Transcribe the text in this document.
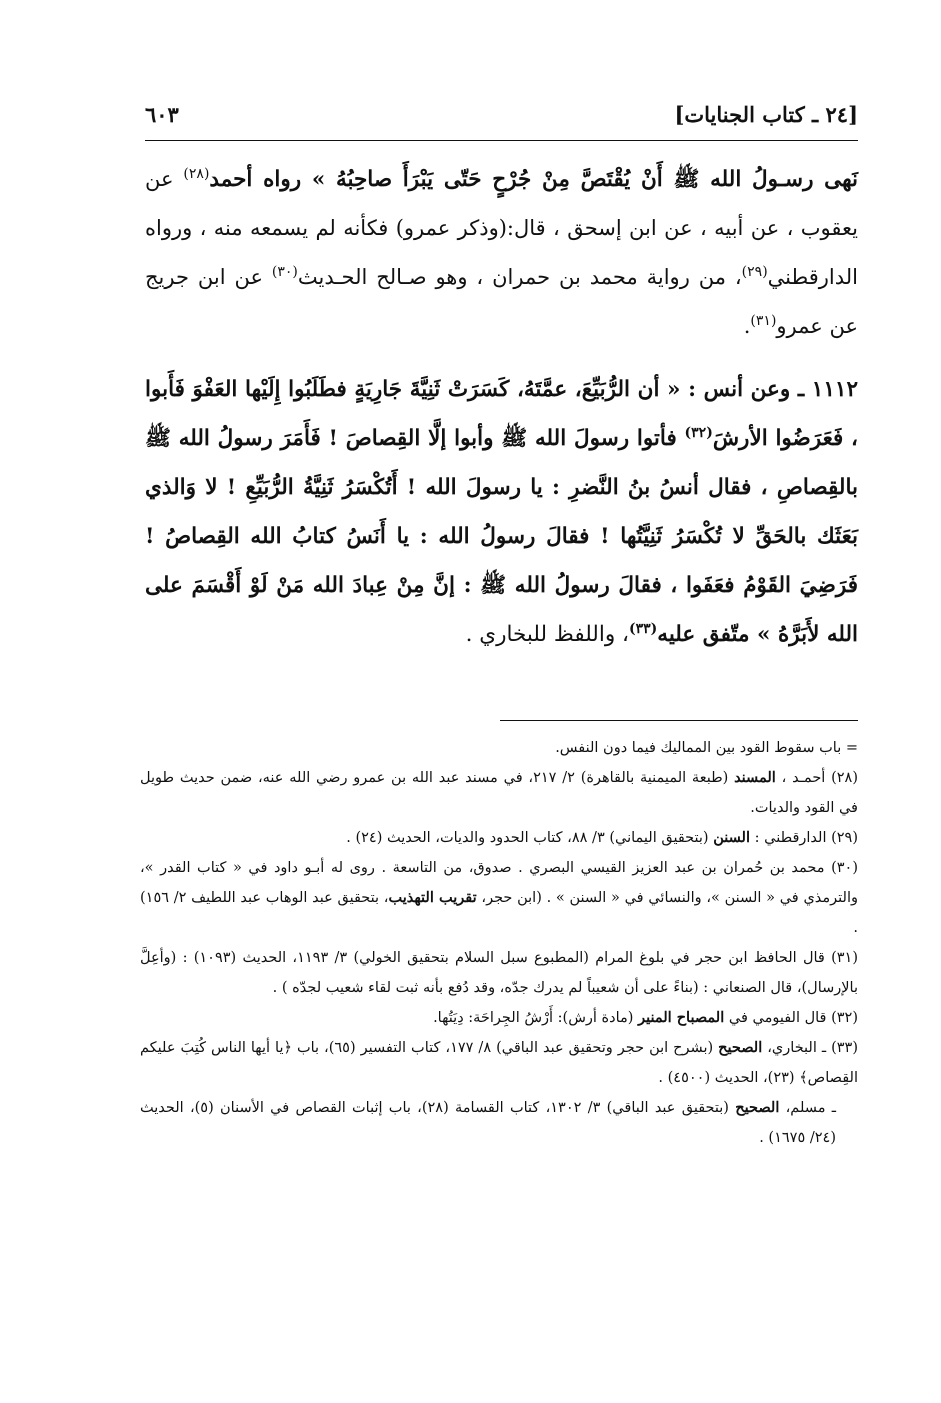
[٢٤ ـ كتاب الجنايات]
٦٠٣

نَهى رسـولُ الله ﷺ أَنْ يُقْتَصَّ مِنْ جُرْحٍ حَتّى يَبْرَأَ صاحِبُهُ » رواه أحمد$^{(٢٨)}$ عن يعقوب ، عن أبيه ، عن ابن إسحق ، قال:(وذكر عمرو) فكأنه لم يسمعه منه ، ورواه الدارقطني$^{(٢٩)}$، من رواية محمد بن حمران ، وهو صـالح الحـديث$^{(٣٠)}$ عن ابن جريج عن عمرو$^{(٣١)}$.

١١١٢ ـ وعن أنس : « أن الرُّبَيِّعَ، عمَّتَهُ، كَسَرَتْ ثَنِيَّةَ جَارِيَةٍ فطَلَبُوا إِلَيْها العَفْوَ فَأَبوا ، فَعَرَضُوا الأرشَ$^{(٣٢)}$ فأتوا رسولَ الله ﷺ وأبوا إلَّا القِصاصَ ! فَأَمَرَ رسولُ الله ﷺ بالقِصاصِ ، فقال أنسُ بنُ النَّضرِ : يا رسولَ الله ! أَتُكْسَرُ ثَنِيَّةُ الرُّبَيِّعِ ! لا وَالذي بَعَثَك بالحَقِّ لا تُكْسَرُ ثَنِيَّتُها ! فقالَ رسولُ الله : يا أَنَسُ كتابُ الله القِصاصُ ! فَرَضِيَ القَوْمُ فعَفَوا ، فقالَ رسولُ الله ﷺ : إنَّ مِنْ عِبادَ الله مَنْ لَوْ أَقْسَمَ على الله لأَبَرَّهُ » متّفق عليه$^{(٣٣)}$، واللفظ للبخاري .

= باب سقوط القود بين المماليك فيما دون النفس.

(٢٨) أحمـد ، المسند (طبعة الميمنية بالقاهرة) ٢/ ٢١٧، في مسند عبد الله بن عمرو رضي الله عنه، ضمن حديث طويل في القود والديات.

(٢٩) الدارقطني : السنن (بتحقيق اليماني) ٣/ ٨٨، كتاب الحدود والديات، الحديث (٢٤) .

(٣٠) محمد بن حُمران بن عبد العزيز القيسي البصري . صدوق، من التاسعة . روى له أبـو داود في « كتاب القدر »، والترمذي في « السنن »، والنسائي في « السنن » . (ابن حجر، تقريب التهذيب، بتحقيق عبد الوهاب عبد اللطيف ٢/ ١٥٦) .

(٣١) قال الحافظ ابن حجر في بلوغ المرام (المطبوع سبل السلام بتحقيق الخولي) ٣/ ١١٩٣، الحديث (١٠٩٣) : (وأعِلَّ بالإرسال)، قال الصنعاني : (بناءً على أن شعيباً لم يدرك جدّه، وقد دُفع بأنه ثبت لقاء شعيب لجدّه ) .

(٣٢) قال الفيومي في المصباح المنير (مادة أرش): أَرْشُ الجِراحَة: دِيَتُها.

(٣٣) ـ البخاري، الصحيح (بشرح ابن حجر وتحقيق عبد الباقي) ٨/ ١٧٧، كتاب التفسير (٦٥)، باب ﴿يا أيها الناس كُتِبَ عليكم القِصاص﴾ (٢٣)، الحديث (٤٥٠٠) .

ـ مسلم، الصحيح (بتحقيق عبد الباقي) ٣/ ١٣٠٢، كتاب القسامة (٢٨)، باب إثبات القصاص في الأسنان (٥)، الحديث (٢٤/ ١٦٧٥) .
